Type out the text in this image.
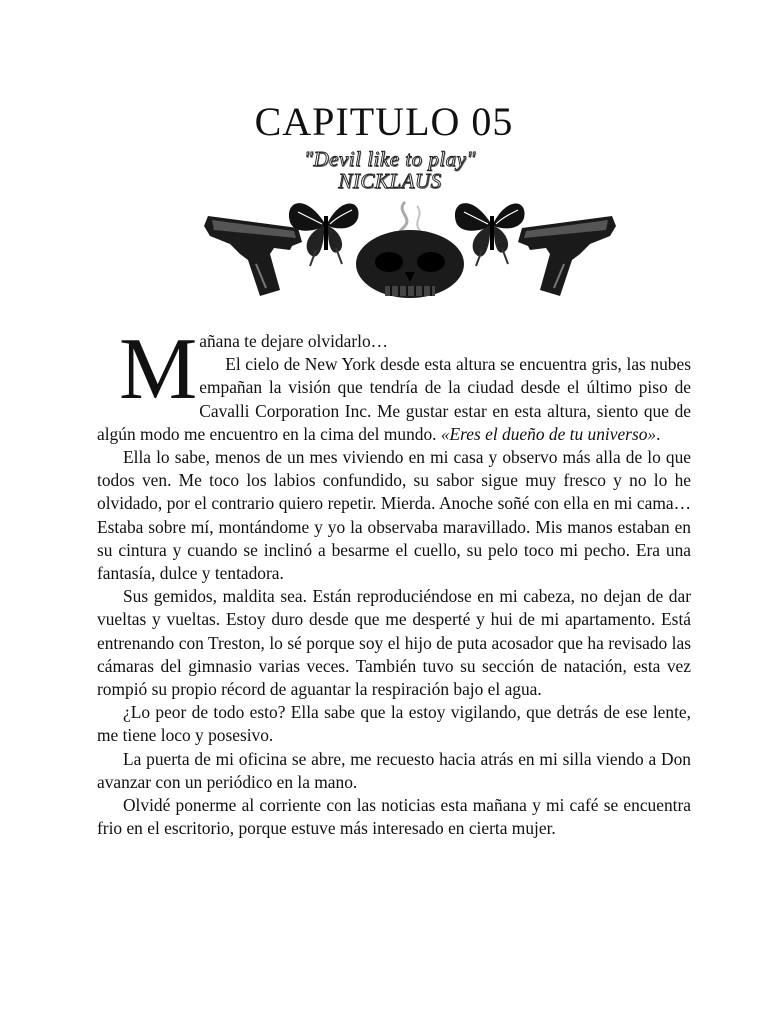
CAPITULO 05
"Devil like to play"
NICKLAUS
M añana te dejare olvidarlo…

El cielo de New York desde esta altura se encuentra gris, las nubes empañan la visión que tendría de la ciudad desde el último piso de Cavalli Corporation Inc. Me gustar estar en esta altura, siento que de algún modo me encuentro en la cima del mundo. «Eres el dueño de tu universo».

Ella lo sabe, menos de un mes viviendo en mi casa y observo más alla de lo que todos ven. Me toco los labios confundido, su sabor sigue muy fresco y no lo he olvidado, por el contrario quiero repetir. Mierda. Anoche soñé con ella en mi cama… Estaba sobre mí, montándome y yo la observaba maravillado. Mis manos estaban en su cintura y cuando se inclinó a besarme el cuello, su pelo toco mi pecho. Era una fantasía, dulce y tentadora.

Sus gemidos, maldita sea. Están reproduciéndose en mi cabeza, no dejan de dar vueltas y vueltas. Estoy duro desde que me desperté y hui de mi apartamento. Está entrenando con Treston, lo sé porque soy el hijo de puta acosador que ha revisado las cámaras del gimnasio varias veces. También tuvo su sección de natación, esta vez rompió su propio récord de aguantar la respiración bajo el agua.

¿Lo peor de todo esto? Ella sabe que la estoy vigilando, que detrás de ese lente, me tiene loco y posesivo.

La puerta de mi oficina se abre, me recuesto hacia atrás en mi silla viendo a Don avanzar con un periódico en la mano.

Olvidé ponerme al corriente con las noticias esta mañana y mi café se encuentra frio en el escritorio, porque estuve más interesado en cierta mujer.
